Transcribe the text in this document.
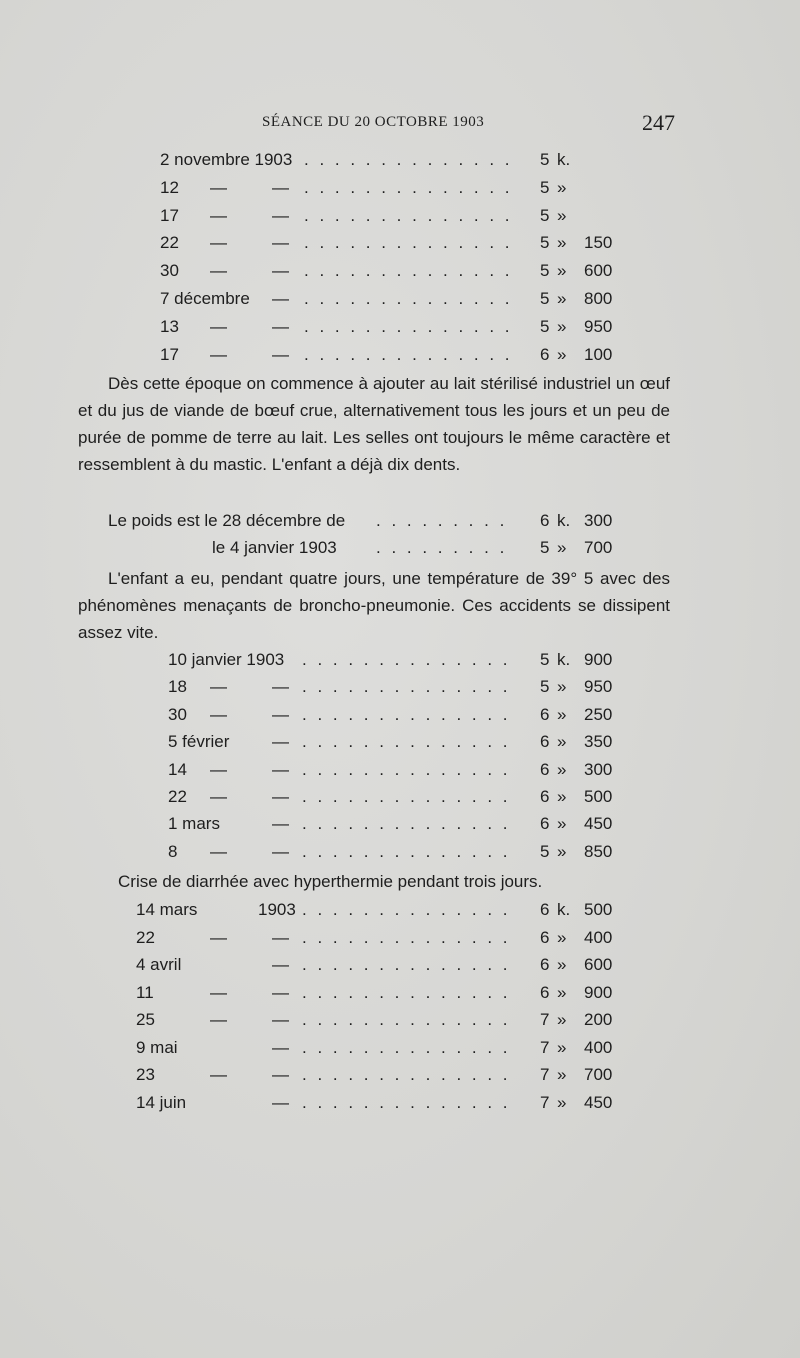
SÉANCE DU 20 OCTOBRE 1903	247
2 novembre 1903 . . . . . . . . . . . . . . 5 k.
12 —	— . . . . . . . . . . . . . . 5 »
17 —	— . . . . . . . . . . . . . . 5 »
22 —	— . . . . . . . . . . . . . . 5 » 150
30 —	— . . . . . . . . . . . . . . 5 » 600
7 décembre — . . . . . . . . . . . . . . 5 » 800
13 —	— . . . . . . . . . . . . . . 5 » 950
17 —	— . . . . . . . . . . . . . . 6 » 100
Dès cette époque on commence à ajouter au lait stérilisé industriel un œuf et du jus de viande de bœuf crue, alternativement tous les jours et un peu de purée de pomme de terre au lait. Les selles ont toujours le même caractère et ressemblent à du mastic. L'enfant a déjà dix dents.
Le poids est le 28 décembre de . . . . . . . . . 6 k. 300
le 4 janvier 1903 . . . . . . . . . 5 » 700
L'enfant a eu, pendant quatre jours, une température de 39° 5 avec des phénomènes menaçants de broncho-pneumonie. Ces accidents se dissipent assez vite.
10 janvier 1903 . . . . . . . . . . . . . . 5 k. 900
18 —	— . . . . . . . . . . . . . . 5 » 950
30 —	— . . . . . . . . . . . . . . 6 » 250
5 février	— . . . . . . . . . . . . . . 6 » 350
14 —	— . . . . . . . . . . . . . . 6 » 300
22 —	— . . . . . . . . . . . . . . 6 » 500
1 mars	— . . . . . . . . . . . . . . 6 » 450
8 —	— . . . . . . . . . . . . . . 5 » 850
Crise de diarrhée avec hyperthermie pendant trois jours.
14 mars	1903 . . . . . . . . . . . . . . 6 k. 500
22	—	— . . . . . . . . . . . . . . 6 » 400
4 avril	— . . . . . . . . . . . . . . 6 » 600
11	—	— . . . . . . . . . . . . . . 6 » 900
25	—	— . . . . . . . . . . . . . . 7 » 200
9 mai	— . . . . . . . . . . . . . . 7 » 400
23	—	— . . . . . . . . . . . . . . 7 » 700
14 juin	— . . . . . . . . . . . . . . 7 » 450
